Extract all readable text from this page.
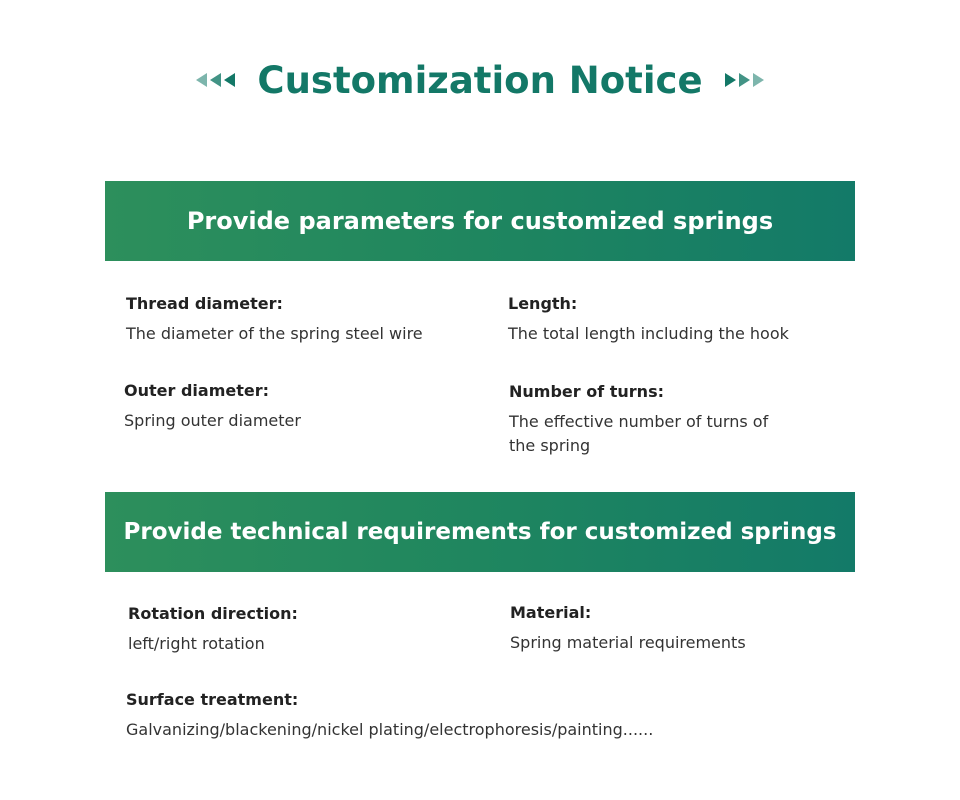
Customization Notice
Provide parameters for customized springs
Thread diameter:
The diameter of the spring steel wire
Length:
The total length including the hook
Outer diameter:
Spring outer diameter
Number of turns:
The effective number of turns of the spring
Provide technical requirements for customized springs
Rotation direction:
left/right rotation
Material:
Spring material requirements
Surface treatment:
Galvanizing/blackening/nickel plating/electrophoresis/painting......
